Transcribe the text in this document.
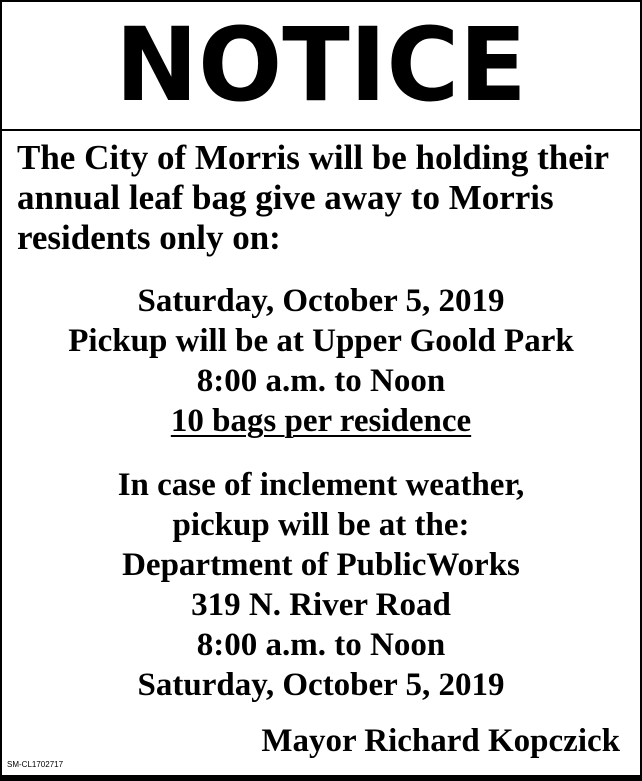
NOTICE
The City of Morris will be holding their
annual leaf bag give away to Morris
residents only on:
Saturday, October 5, 2019
Pickup will be at Upper Goold Park
8:00 a.m. to Noon
10 bags per residence
In case of inclement weather,
pickup will be at the:
Department of PublicWorks
319 N. River Road
8:00 a.m. to Noon
Saturday, October 5, 2019
Mayor Richard Kopczick
SM-CL1702717
